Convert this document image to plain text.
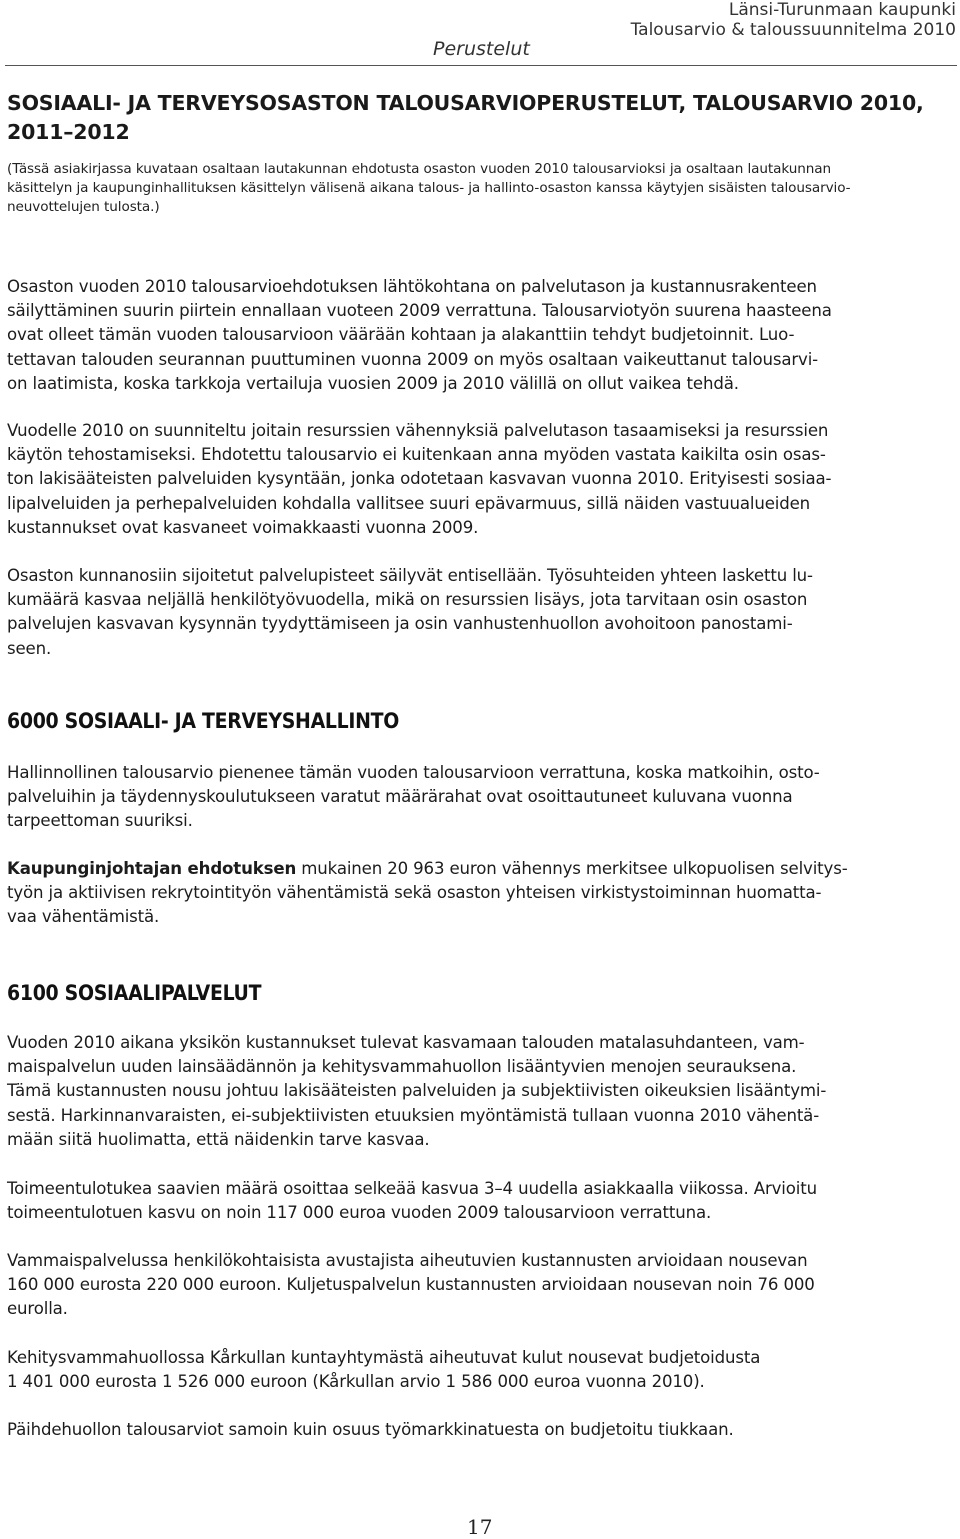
Länsi-Turunmaan kaupunki
Talousarvio & taloussuunnitelma 2010
Perustelut
SOSIAALI- JA TERVEYSOSASTON TALOUSARVIOPERUSTELUT, TALOUSARVIO 2010,
2011–2012
(Tässä asiakirjassa kuvataan osaltaan lautakunnan ehdotusta osaston vuoden 2010 talousarvioksi ja osaltaan lautakunnan
käsittelyn ja kaupunginhallituksen käsittelyn välisenä aikana talous- ja hallinto-osaston kanssa käytyjen sisäisten talousarvio-
neuvottelujen tulosta.)
Osaston vuoden 2010 talousarvioehdotuksen lähtökohtana on palvelutason ja kustannusrakenteen
säilyttäminen suurin piirtein ennallaan vuoteen 2009 verrattuna. Talousarviotyön suurena haasteena
ovat olleet tämän vuoden talousarvioon väärään kohtaan ja alakanttiin tehdyt budjetoinnit. Luo-
tettavan talouden seurannan puuttuminen vuonna 2009 on myös osaltaan vaikeuttanut talousarvi-
on laatimista, koska tarkkoja vertailuja vuosien 2009 ja 2010 välillä on ollut vaikea tehdä.
Vuodelle 2010 on suunniteltu joitain resurssien vähennyksiä palvelutason tasaamiseksi ja resurssien
käytön tehostamiseksi. Ehdotettu talousarvio ei kuitenkaan anna myöden vastata kaikilta osin osas-
ton lakisääteisten palveluiden kysyntään, jonka odotetaan kasvavan vuonna 2010. Erityisesti sosiaa-
lipalveluiden ja perhepalveluiden kohdalla vallitsee suuri epävarmuus, sillä näiden vastuualueiden
kustannukset ovat kasvaneet voimakkaasti vuonna 2009.
Osaston kunnanosiin sijoitetut palvelupisteet säilyvät entisellään. Työsuhteiden yhteen laskettu lu-
kumäärä kasvaa neljällä henkilötyövuodella, mikä on resurssien lisäys, jota tarvitaan osin osaston
palvelujen kasvavan kysynnän tyydyttämiseen ja osin vanhustenhuollon avohoitoon panostami-
seen.
6000 SOSIAALI- JA TERVEYSHALLINTO
Hallinnollinen talousarvio pienenee tämän vuoden talousarvioon verrattuna, koska matkoihin, osto-
palveluihin ja täydennyskoulutukseen varatut määrärahat ovat osoittautuneet kuluvana vuonna
tarpeettoman suuriksi.
Kaupunginjohtajan ehdotuksen mukainen 20 963 euron vähennys merkitsee ulkopuolisen selvitys-
työn ja aktiivisen rekrytointityön vähentämistä sekä osaston yhteisen virkistystoiminnan huomatta-
vaa vähentämistä.
6100 SOSIAALIPALVELUT
Vuoden 2010 aikana yksikön kustannukset tulevat kasvamaan talouden matalasuhdanteen, vam-
maispalvelun uuden lainsäädännön ja kehitysvammahuollon lisääntyvien menojen seurauksena.
Tämä kustannusten nousu johtuu lakisääteisten palveluiden ja subjektiivisten oikeuksien lisääntymi-
sestä. Harkinnanvaraisten, ei-subjektiivisten etuuksien myöntämistä tullaan vuonna 2010 vähentä-
mään siitä huolimatta, että näidenkin tarve kasvaa.
Toimeentulotukea saavien määrä osoittaa selkeää kasvua 3–4 uudella asiakkaalla viikossa. Arvioitu
toimeentulotuen kasvu on noin 117 000 euroa vuoden 2009 talousarvioon verrattuna.
Vammaispalvelussa henkilökohtaisista avustajista aiheutuvien kustannusten arvioidaan nousevan
160 000 eurosta 220 000 euroon. Kuljetuspalvelun kustannusten arvioidaan nousevan noin 76 000
eurolla.
Kehitysvammahuollossa Kårkullan kuntayhtymästä aiheutuvat kulut nousevat budjetoidusta
1 401 000 eurosta 1 526 000 euroon (Kårkullan arvio 1 586 000 euroa vuonna 2010).
Päihdehuollon talousarviot samoin kuin osuus työmarkkinatuesta on budjetoitu tiukkaan.
17
